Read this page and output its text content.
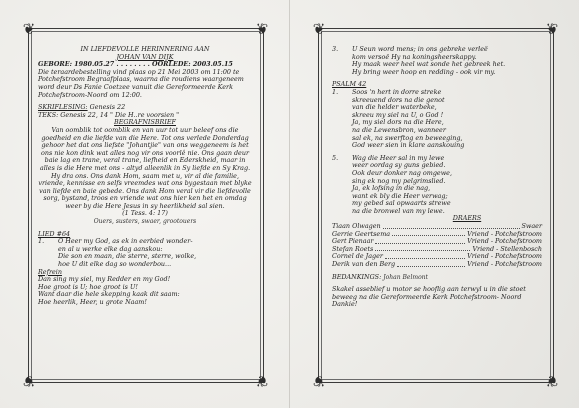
❦	❦
❦	❦
❦	❦
❦	❦
IN LIEFDEVOLLE HERINNERING AAN
JOHAN VAN DIJK
GEBORE: 1980.05.27 . . . . . . . . OORLEDE: 2003.05.15
Die teraardebestelling vind plaas op 21 Mei 2003 om 11:00 te Potchefstroom Begraafplaas, waarna die roudiens waargeneem word deur Ds Fanie Coetzee vanuit die Gereformeerde Kerk Potchefstroom-Noord om 12:00.
SKRIFLESING: Genesis 22
TEKS: Genesis 22, 14 " Die H..re voorsien "
BEGRAFNISBRIEF
Van oomblik tot oomblik en van uur tot uur beleef ons die goedheid en die liefde van die Here. Tot ons verlede Donderdag gehoor het dat ons liefste "Johantjie" van ons weggeneem is het ons nie kon dink wat alles nog vir ons voorlê nie. Ons gaan deur baie lag en trane, veral trane, liefheid en Ederskheid, maar in alles is die Here met ons - altyd alleenlik in Sy liefde en Sy Krag. Hy dra ons. Ons dank Hom, saam met u, vir al die familie, vriende, kennisse en selfs vreemdes wat ons bygestaan met blyke van liefde en baie gebede. Ons dank Hom veral vir die liefdevolle sorg, bystand, troos en vriende wat ons hier ken het en omdag weer by die Here Jesus in sy heerlikheid sal sien.
(1 Tess. 4: 17)
Ouers, susters, swaer, grootouers
LIED #64
1. O Heer my God, as ek in eerbied wonder-
en al u werke elke dag aanskou:
Die son en maan, die sterre, sterre, wolke,
hoe U dit elke dag so wonderbou...
Refrein
Dan sing my siel, my Redder en my God!
Hoe groot is U; hoe groot is U!
Want daar die hele skepping kaak dit saam:
Hoe heerlik, Heer, u grote Naam!
3. U Seun word mens; in ons gebreke verleë
kom versoë Hy na koningsheerskappy.
Hy maak weer heel wat sonde het gebreek het.
Hy bring weer hoop en redding - ook vir my.
PSALM 42
1. Soos 'n hert in dorre streke
skreeuend dors na die genot
van die helder waterbeke,
skreeu my siel na U, o God !
Ja, my siel dors na die Here,
na die Lewensbron, wanneer
sal ek, na swerftog en beweeging,
God weer sien in klare aanskouing
5. Wag die Heer sal in my lewe
weer oordag sy guns gebied.
Ook deur donker nag omgewe,
sing ek nog my pelgrimslied.
Ja, ek lofsing in die nag,
want ek bly die Heer verwag;
my gebed sal opwaarts strewe
na die bronwel van my lewe.
DRAERS
Tiaan Olwagen	Swaer
Gerrie Geertsema	Vriend - Potchefstroom
Gert Pienaar	Vriend - Potchefstroom
Stefan Roets	Vriend - Stellenbosch
Cornel de Jager	Vriend - Potchefstroom
Derik van den Berg	Vriend - Potchefstroom
BEDANKINGS: Johan Belmont
Skakel asseblief u motor se hooflig aan terwyl u in die stoet beweeg na die Gereformeerde Kerk Potchefstroom- Noord Dankie!
